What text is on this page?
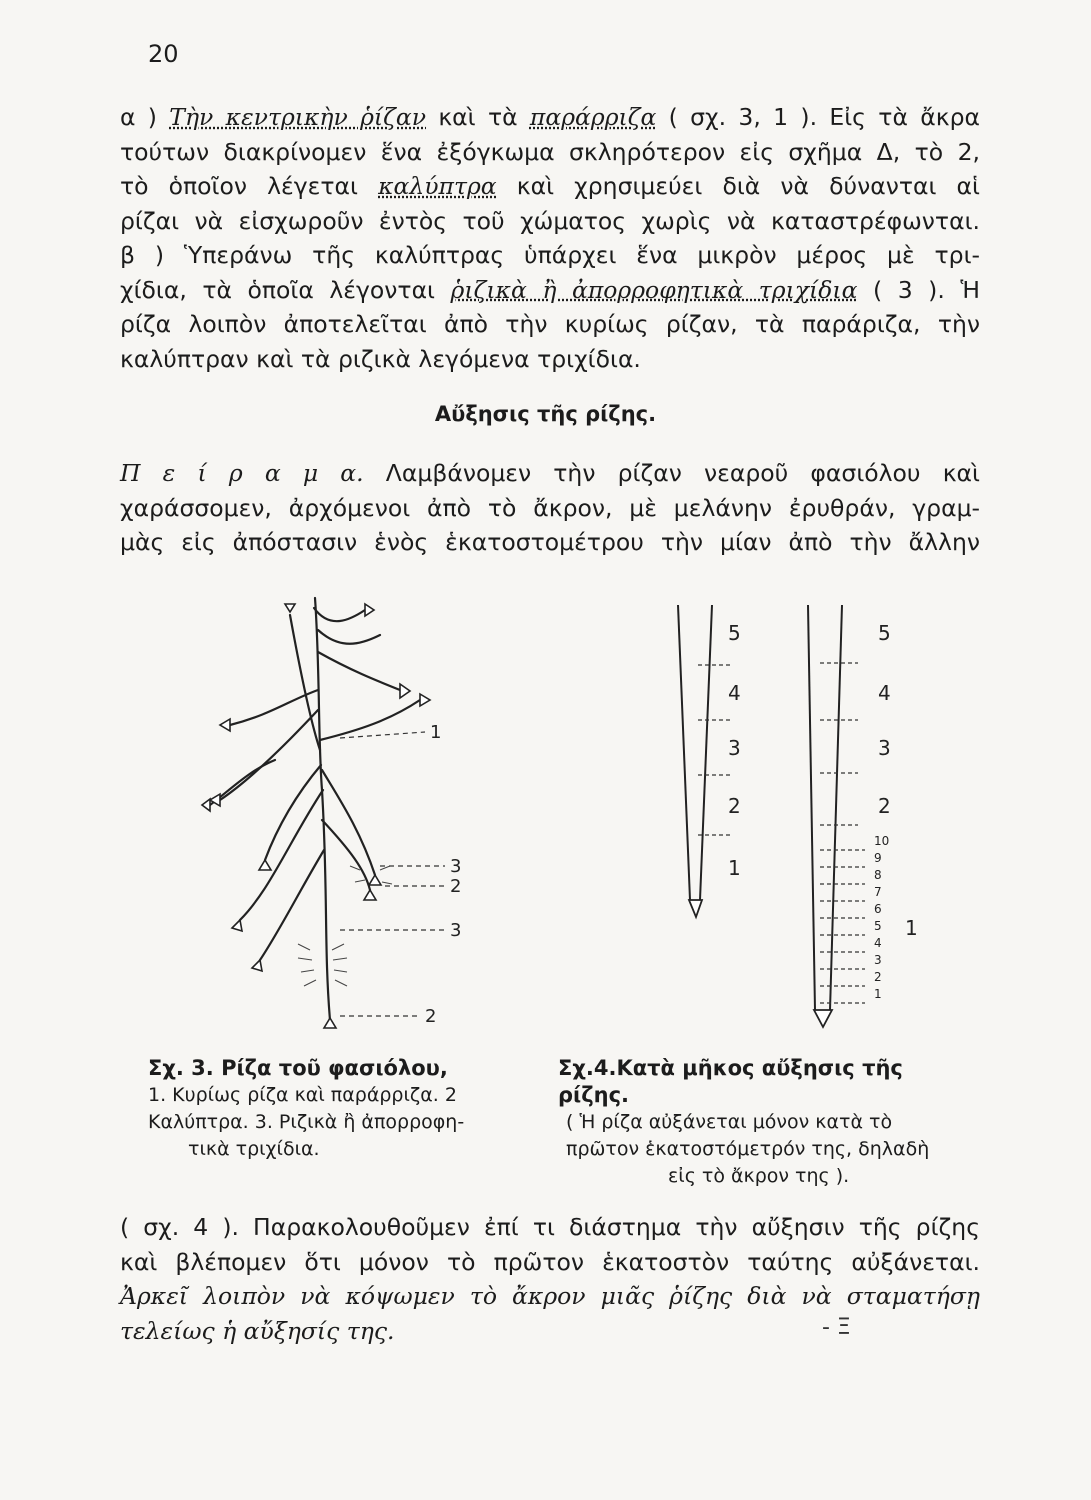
20
α ) Τὴν κεντρικὴν ῥίζαν καὶ τὰ παράρριζα ( σχ. 3, 1 ). Εἰς τὰ ἄκρα
τούτων διακρίνομεν ἕνα ἐξόγκωμα σκληρότερον εἰς σχῆμα Δ, τὸ 2,
τὸ ὁποῖον λέγεται καλύπτρα καὶ χρησιμεύει διὰ νὰ δύνανται αἱ
ρίζαι νὰ εἰσχωροῦν ἐντὸς τοῦ χώματος χωρὶς νὰ καταστρέφωνται.
β ) Ὑπεράνω τῆς καλύπτρας ὑπάρχει ἕνα μικρὸν μέρος μὲ τρι-
χίδια, τὰ ὁποῖα λέγονται ῥιζικὰ ἢ ἀπορροφητικὰ τριχίδια ( 3 ). Ἡ
ρίζα λοιπὸν ἀποτελεῖται ἀπὸ τὴν κυρίως ρίζαν, τὰ παράριζα, τὴν
καλύπτραν καὶ τὰ ριζικὰ λεγόμενα τριχίδια.
Αὔξησις τῆς ρίζης.
Π ε ί ρ α μ α. Λαμβάνομεν τὴν ρίζαν νεαροῦ φασιόλου καὶ
χαράσσομεν, ἀρχόμενοι ἀπὸ τὸ ἄκρον, μὲ μελάνην ἐρυθράν, γραμ-
μὰς εἰς ἀπόστασιν ἑνὸς ἑκατοστομέτρου τὴν μίαν ἀπὸ τὴν ἄλλην
1
3
2
3
2
5
4
3
2
1
5
4
3
2
1
10
9
8
7
6
5
4
3
2
1
Σχ. 3. Ρίζα τοῦ φασιόλου,
1. Κυρίως ρίζα καὶ παράρριζα. 2
Καλύπτρα. 3. Ριζικὰ ἢ ἀπορροφη-
τικὰ τριχίδια.
Σχ.4.Κατὰ μῆκος αὔξησις τῆς ρίζης.
( Ἡ ρίζα αὐξάνεται μόνον κατὰ τὸ
πρῶτον ἑκατοστόμετρόν της, δηλαδὴ
εἰς τὸ ἄκρον της ).
( σχ. 4 ). Παρακολουθοῦμεν ἐπί τι διάστημα τὴν αὔξησιν τῆς ρίζης
καὶ βλέπομεν ὅτι μόνον τὸ πρῶτον ἑκατοστὸν ταύτης αὐξάνεται.
Ἀρκεῖ λοιπὸν νὰ κόψωμεν τὸ ἄκρον μιᾶς ῥίζης διὰ νὰ σταματήσῃ
τελείως ἡ αὔξησίς της.	- Ξ
